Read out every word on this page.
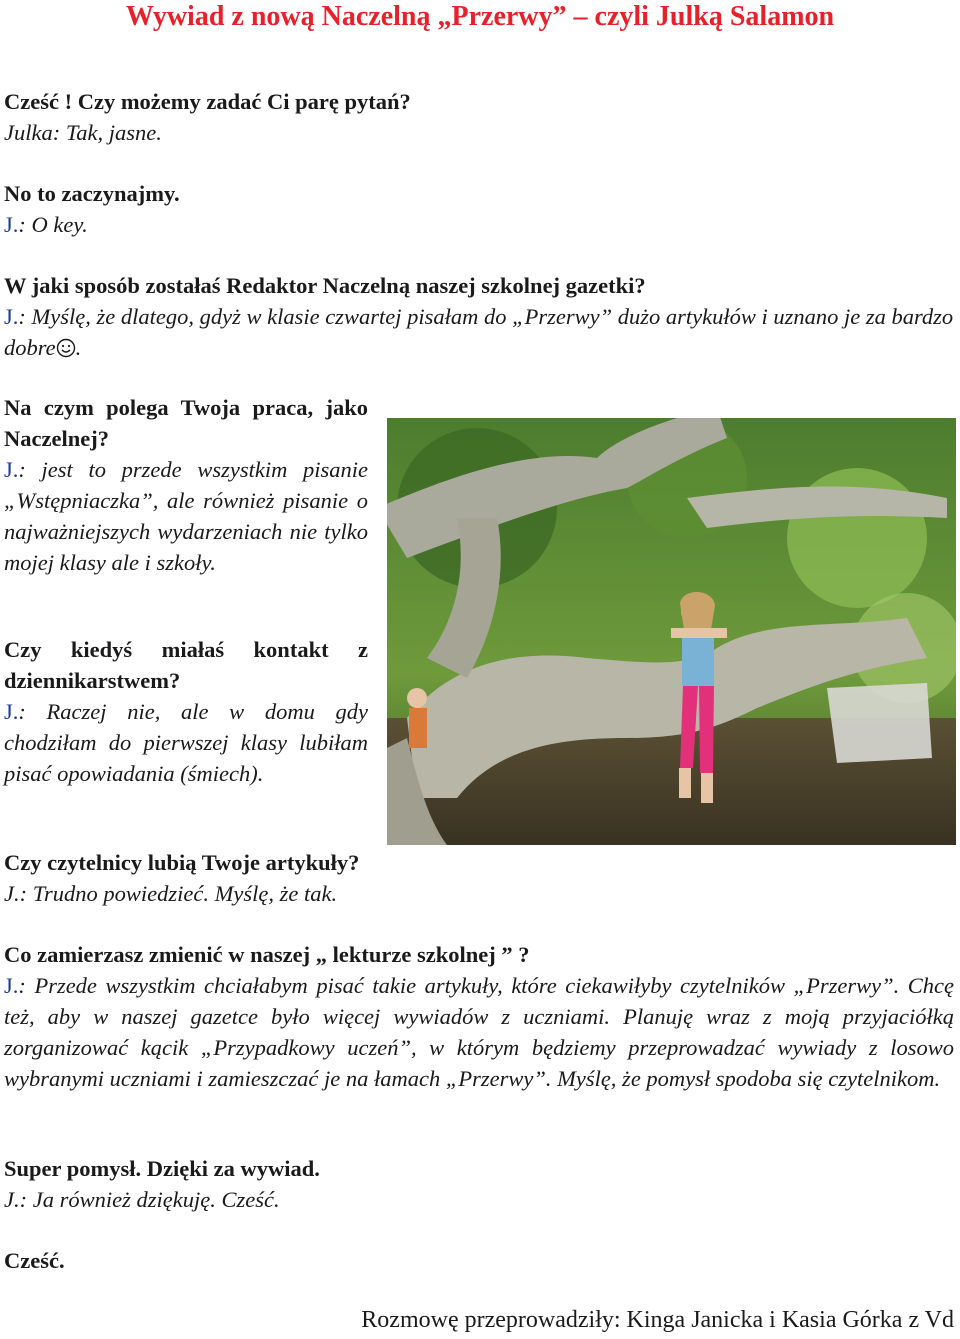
Wywiad z nową Naczelną „Przerwy” – czyli Julką Salamon
Cześć ! Czy możemy zadać Ci parę pytań?
Julka: Tak, jasne.
No to zaczynajmy.
J.: O key.
W jaki sposób zostałaś Redaktor Naczelną naszej szkolnej gazetki?
J.: Myślę, że dlatego, gdyż w klasie czwartej pisałam do „Przerwy” dużo artykułów i uznano je za bardzo dobre .
Na czym polega Twoja praca, jako Naczelnej?
J.: jest to przede wszystkim pisanie „Wstępniaczka”, ale również pisanie o najważniejszych wydarzeniach nie tylko mojej klasy ale i szkoły.
Czy kiedyś miałaś kontakt z dziennikarstwem?
J.: Raczej nie, ale w domu gdy chodziłam do pierwszej klasy lubiłam pisać opowiadania (śmiech).
Czy czytelnicy lubią Twoje artykuły?
J.: Trudno powiedzieć. Myślę, że tak.
Co zamierzasz zmienić w naszej „ lekturze szkolnej ” ?
J.: Przede wszystkim chciałabym pisać takie artykuły, które ciekawiłyby czytelników „Przerwy”. Chcę też, aby w naszej gazetce było więcej wywiadów z uczniami. Planuję wraz z moją przyjaciółką zorganizować kącik „Przypadkowy uczeń”, w którym będziemy przeprowadzać wywiady z losowo wybranymi uczniami i zamieszczać je na łamach „Przerwy”. Myślę, że pomysł spodoba się czytelnikom.
Super pomysł. Dzięki za wywiad.
J.: Ja również dziękuję. Cześć.
Cześć.
Rozmowę przeprowadziły: Kinga Janicka i Kasia Górka z Vd
